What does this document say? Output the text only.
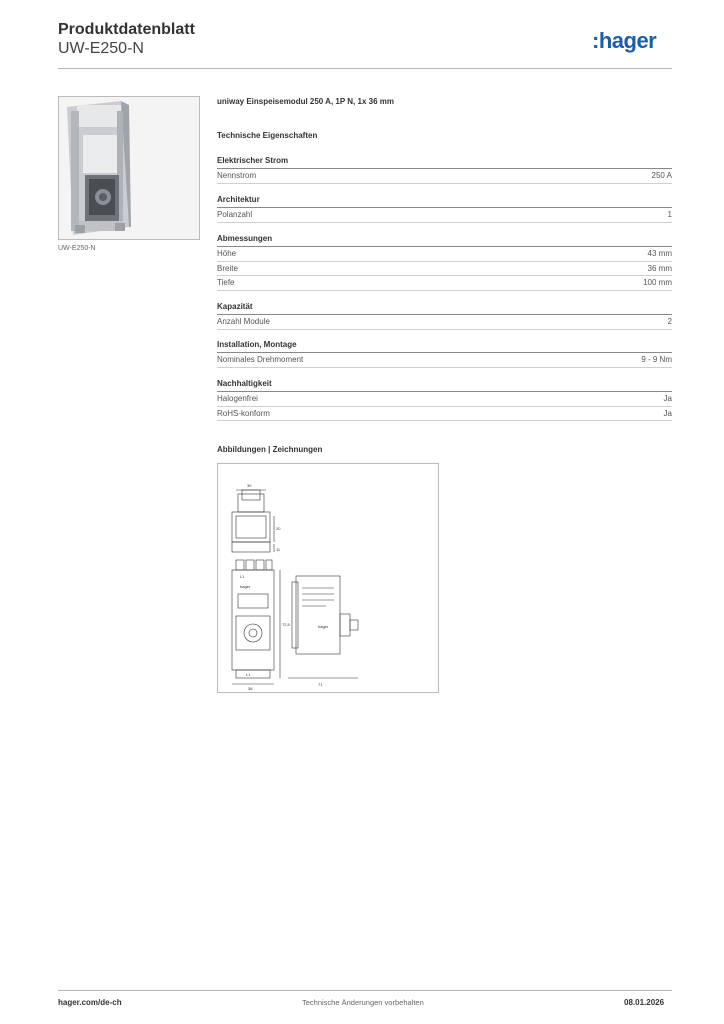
Produktdatenblatt
UW-E250-N	:hager
UW-E250-N
uniway Einspeisemodul 250 A, 1P N, 1x 36 mm
Technische Eigenschaften
Elektrischer Strom
Nennstrom	250 A
Architektur
Polanzahl	1
Abmessungen
Höhe	43 mm
Breite	36 mm
Tiefe	100 mm
Kapazität
Anzahl Module	2
Installation, Montage
Nominales Drehmoment	9 - 9 Nm
Nachhaltigkeit
Halogenfrei	Ja
RoHS-konform	Ja
Abbildungen | Zeichnungen
30
20
11
L1
hager
L1
36
72,5	hager
71
hager.com/de-ch	Technische Änderungen vorbehalten	08.01.2026
